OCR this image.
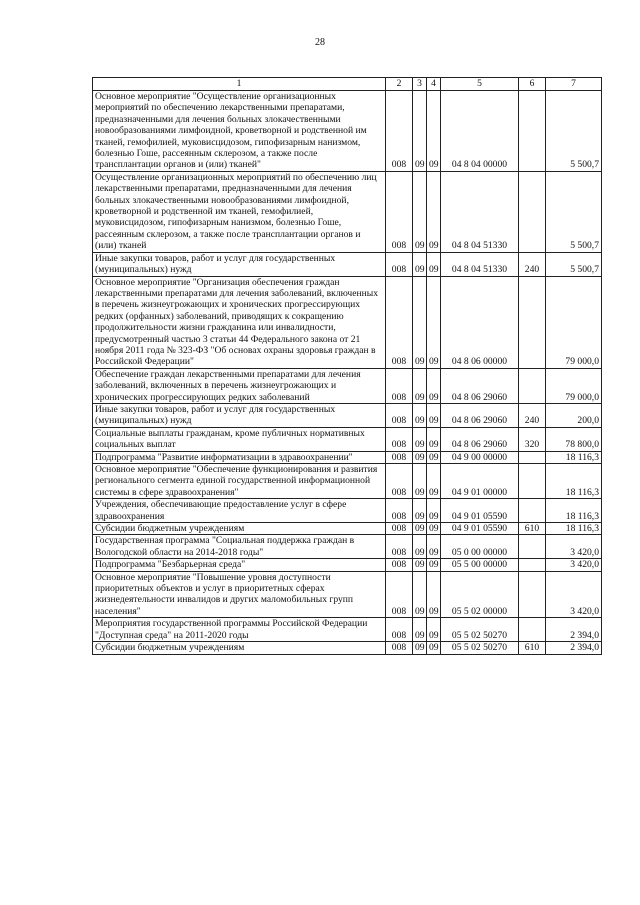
28
1	2	3	4	5	6	7
Основное мероприятие "Осуществление организационных мероприятий по обеспечению лекарственными препаратами, предназначенными для лечения больных злокачественными новообразованиями лимфоидной, кроветворной и родственной им тканей, гемофилией, муковисцидозом, гипофизарным нанизмом, болезнью Гоше, рассеянным склерозом, а также после трансплантации органов и (или) тканей"	008	09	09	04 8 04 00000		5 500,7
Осуществление организационных мероприятий по обеспечению лиц лекарственными препаратами, предназначенными для лечения больных злокачественными новообразованиями лимфоидной, кроветворной и родственной им тканей, гемофилией, муковисцидозом, гипофизарным нанизмом, болезнью Гоше, рассеянным склерозом, а также после трансплантации органов и (или) тканей	008	09	09	04 8 04 51330		5 500,7
Иные закупки товаров, работ и услуг для государственных (муниципальных) нужд	008	09	09	04 8 04 51330	240	5 500,7
Основное мероприятие "Организация обеспечения граждан лекарственными препаратами для лечения заболеваний, включенных в перечень жизнеугрожающих и хронических прогрессирующих редких (орфанных) заболеваний, приводящих к сокращению продолжительности жизни гражданина или инвалидности, предусмотренный частью 3 статьи 44 Федерального закона от 21 ноября 2011 года № 323-ФЗ "Об основах охраны здоровья граждан в Российской Федерации"	008	09	09	04 8 06 00000		79 000,0
Обеспечение граждан лекарственными препаратами для лечения заболеваний, включенных в перечень жизнеугрожающих и хронических прогрессирующих редких заболеваний	008	09	09	04 8 06 29060		79 000,0
Иные закупки товаров, работ и услуг для государственных (муниципальных) нужд	008	09	09	04 8 06 29060	240	200,0
Социальные выплаты гражданам, кроме публичных нормативных социальных выплат	008	09	09	04 8 06 29060	320	78 800,0
Подпрограмма "Развитие информатизации в здравоохранении"	008	09	09	04 9 00 00000		18 116,3
Основное мероприятие "Обеспечение функционирования и развития регионального сегмента единой государственной информационной системы в сфере здравоохранения"	008	09	09	04 9 01 00000		18 116,3
Учреждения, обеспечивающие предоставление услуг в сфере здравоохранения	008	09	09	04 9 01 05590		18 116,3
Субсидии бюджетным учреждениям	008	09	09	04 9 01 05590	610	18 116,3
Государственная программа "Социальная поддержка граждан в Вологодской области на 2014-2018 годы"	008	09	09	05 0 00 00000		3 420,0
Подпрограмма "Безбарьерная среда"	008	09	09	05 5 00 00000		3 420,0
Основное мероприятие "Повышение уровня доступности приоритетных объектов и услуг в приоритетных сферах жизнедеятельности инвалидов и других маломобильных групп населения"	008	09	09	05 5 02 00000		3 420,0
Мероприятия государственной программы Российской Федерации "Доступная среда" на 2011-2020 годы	008	09	09	05 5 02 50270		2 394,0
Субсидии бюджетным учреждениям	008	09	09	05 5 02 50270	610	2 394,0
